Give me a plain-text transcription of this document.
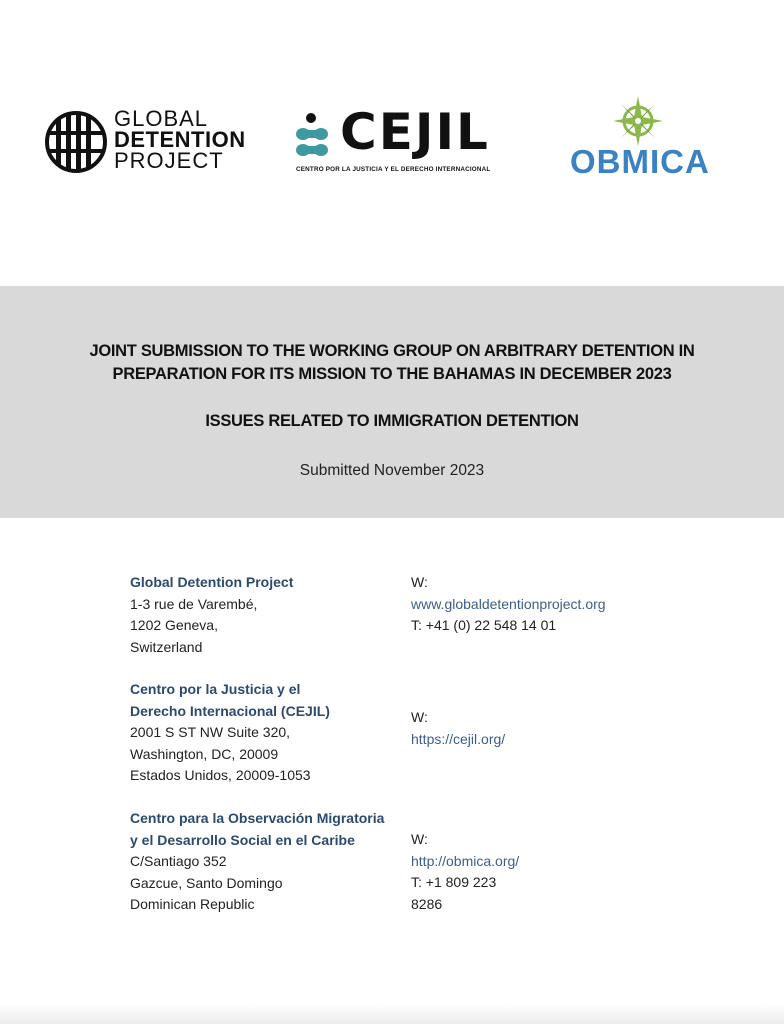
GLOBAL
DETENTION
PROJECT	CEJIL
CENTRO POR LA JUSTICIA Y EL DERECHO INTERNACIONAL OBMICA
JOINT SUBMISSION TO THE WORKING GROUP ON ARBITRARY DETENTION IN
PREPARATION FOR ITS MISSION TO THE BAHAMAS IN DECEMBER 2023
ISSUES RELATED TO IMMIGRATION DETENTION
Submitted November 2023
Global Detention Project
1-3 rue de Varembé,
1202 Geneva,
Switzerland
W: www.globaldetentionproject.org
T: +41 (0) 22 548 14 01
Centro por la Justicia y el
Derecho Internacional (CEJIL)
2001 S ST NW Suite 320,
Washington, DC, 20009
Estados Unidos, 20009-1053
W: https://cejil.org/
Centro para la Observación Migratoria
y el Desarrollo Social en el Caribe
C/Santiago 352
Gazcue, Santo Domingo
Dominican Republic
W: http://obmica.org/
T: +1 809 223 8286
